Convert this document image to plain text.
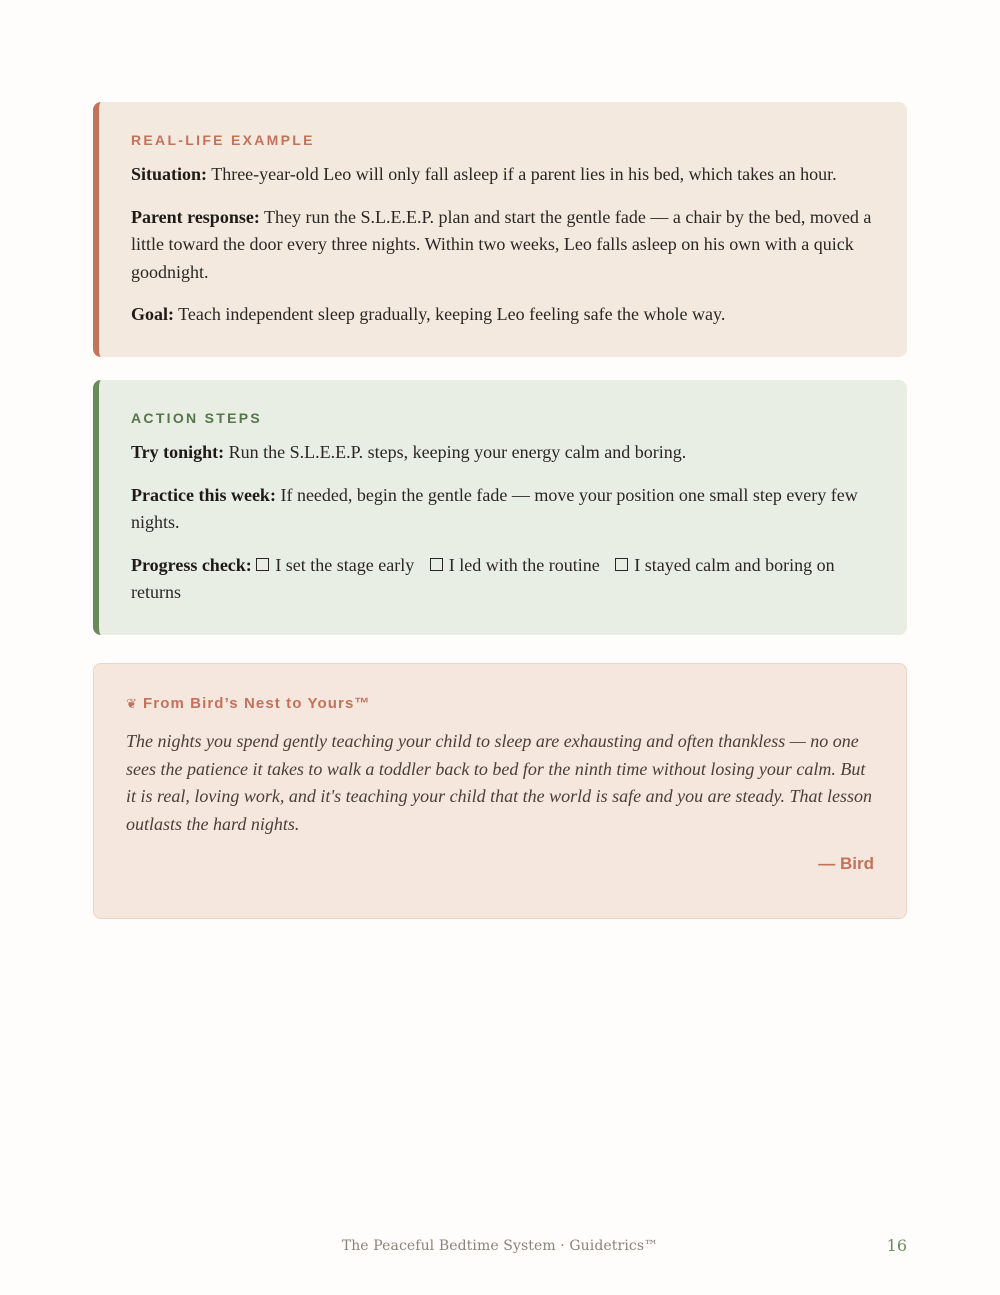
REAL-LIFE EXAMPLE

Situation: Three-year-old Leo will only fall asleep if a parent lies in his bed, which takes an hour.

Parent response: They run the S.L.E.E.P. plan and start the gentle fade — a chair by the bed, moved a little toward the door every three nights. Within two weeks, Leo falls asleep on his own with a quick goodnight.

Goal: Teach independent sleep gradually, keeping Leo feeling safe the whole way.

ACTION STEPS

Try tonight: Run the S.L.E.E.P. steps, keeping your energy calm and boring.

Practice this week: If needed, begin the gentle fade — move your position one small step every few nights.

Progress check: I set the stage early I led with the routine I stayed calm and boring on returns

❦ From Bird’s Nest to Yours™

The nights you spend gently teaching your child to sleep are exhausting and often thankless — no one sees the patience it takes to walk a toddler back to bed for the ninth time without losing your calm. But it is real, loving work, and it's teaching your child that the world is safe and you are steady. That lesson outlasts the hard nights.

— Bird
The Peaceful Bedtime System · Guidetrics™	16
